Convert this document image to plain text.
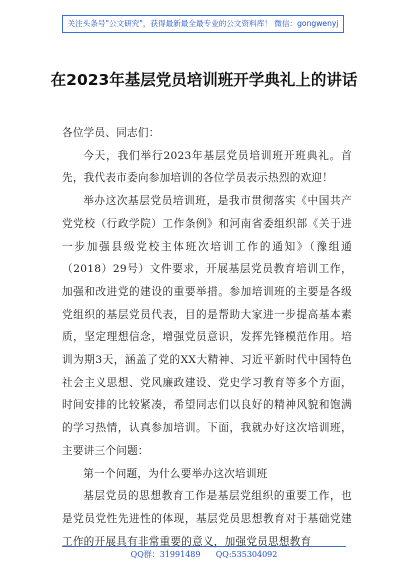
关注头条号"公文研究"，获得最新最全最专业的公文资料库！ 微信：gongwenyj
在2023年基层党员培训班开学典礼上的讲话

各位学员、同志们：

今天，我们举行2023年基层党员培训班开班典礼。首先，我代表市委向参加培训的各位学员表示热烈的欢迎！

举办这次基层党员培训班，是我市贯彻落实《中国共产党党校（行政学院）工作条例》和河南省委组织部《关于进一步加强县级党校主体班次培训工作的通知》（豫组通（2018）29号）文件要求，开展基层党员教育培训工作，加强和改进党的建设的重要举措。参加培训班的主要是各级党组织的基层党员代表，目的是帮助大家进一步提高基本素质，坚定理想信念，增强党员意识，发挥先锋模范作用。培训为期3天，涵盖了党的XX大精神、习近平新时代中国特色社会主义思想、党风廉政建设、党史学习教育等多个方面，时间安排的比较紧凑，希望同志们以良好的精神风貌和饱满的学习热情，认真参加培训。下面，我就办好这次培训班，主要讲三个问题：

第一个问题，为什么要举办这次培训班

基层党员的思想教育工作是基层党组织的重要工作，也是党员党性先进性的体现，基层党员思想教育对于基础党建工作的开展具有非常重要的意义，加强党员思想教育

QQ群：31991489      QQ:535304092
